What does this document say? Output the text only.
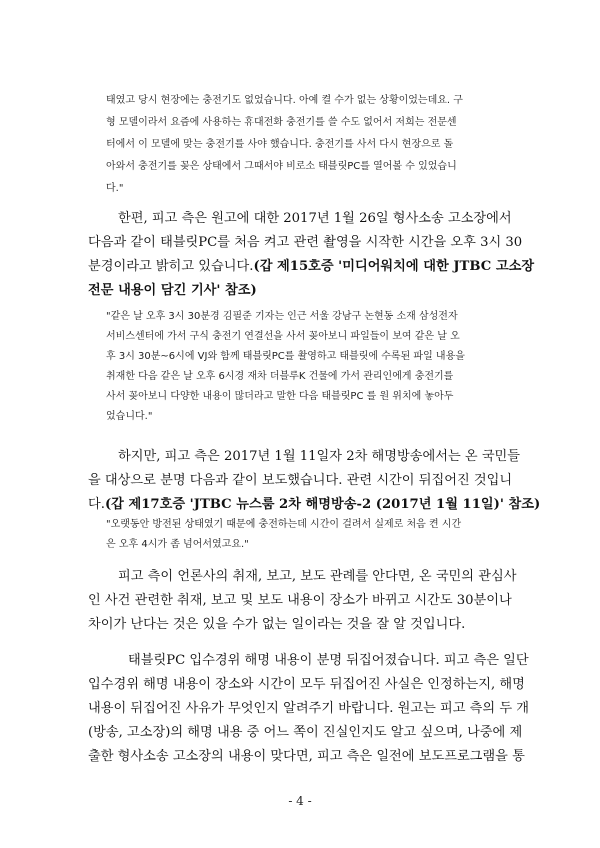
태였고 당시 현장에는 충전기도 없었습니다. 아예 켤 수가 없는 상황이었는데요. 구
형 모델이라서 요즘에 사용하는 휴대전화 충전기를 쓸 수도 없어서 저희는 전문센
터에서 이 모델에 맞는 충전기를 사야 했습니다. 충전기를 사서 다시 현장으로 돌
아와서 충전기를 꽂은 상태에서 그때서야 비로소 태블릿PC를 열어볼 수 있었습니
다."
한편, 피고 측은 원고에 대한 2017년 1월 26일 형사소송 고소장에서
다음과 같이 태블릿PC를 처음 켜고 관련 촬영을 시작한 시간을 오후 3시 30
분경이라고 밝히고 있습니다.(갑 제15호증 '미디어워치에 대한 JTBC 고소장
전문 내용이 담긴 기사' 참조)
"같은 날 오후 3시 30분경 김필준 기자는 인근 서울 강남구 논현동 소재 삼성전자
서비스센터에 가서 구식 충전기 연결선을 사서 꽂아보니 파일들이 보여 같은 날 오
후 3시 30분~6시에 VJ와 함께 태블릿PC를 촬영하고 태블릿에 수록된 파일 내용을
취재한 다음 같은 날 오후 6시경 재차 더블루K 건물에 가서 관리인에게 충전기를
사서 꽂아보니 다양한 내용이 많더라고 말한 다음 태블릿PC 를 원 위치에 놓아두
었습니다."
하지만, 피고 측은 2017년 1월 11일자 2차 해명방송에서는 온 국민들
을 대상으로 분명 다음과 같이 보도했습니다. 관련 시간이 뒤집어진 것입니
다.(갑 제17호증 'JTBC 뉴스룸 2차 해명방송-2 (2017년 1월 11일)' 참조)
"오랫동안 방전된 상태였기 때문에 충전하는데 시간이 걸려서 실제로 처음 켠 시간
은 오후 4시가 좀 넘어서였고요."
피고 측이 언론사의 취재, 보고, 보도 관례를 안다면, 온 국민의 관심사
인 사건 관련한 취재, 보고 및 보도 내용이 장소가 바뀌고 시간도 30분이나
차이가 난다는 것은 있을 수가 없는 일이라는 것을 잘 알 것입니다.
태블릿PC 입수경위 해명 내용이 분명 뒤집어졌습니다. 피고 측은 일단
입수경위 해명 내용이 장소와 시간이 모두 뒤집어진 사실은 인정하는지, 해명
내용이 뒤집어진 사유가 무엇인지 알려주기 바랍니다. 원고는 피고 측의 두 개
(방송, 고소장)의 해명 내용 중 어느 쪽이 진실인지도 알고 싶으며, 나중에 제
출한 형사소송 고소장의 내용이 맞다면, 피고 측은 일전에 보도프로그램을 통
- 4 -
